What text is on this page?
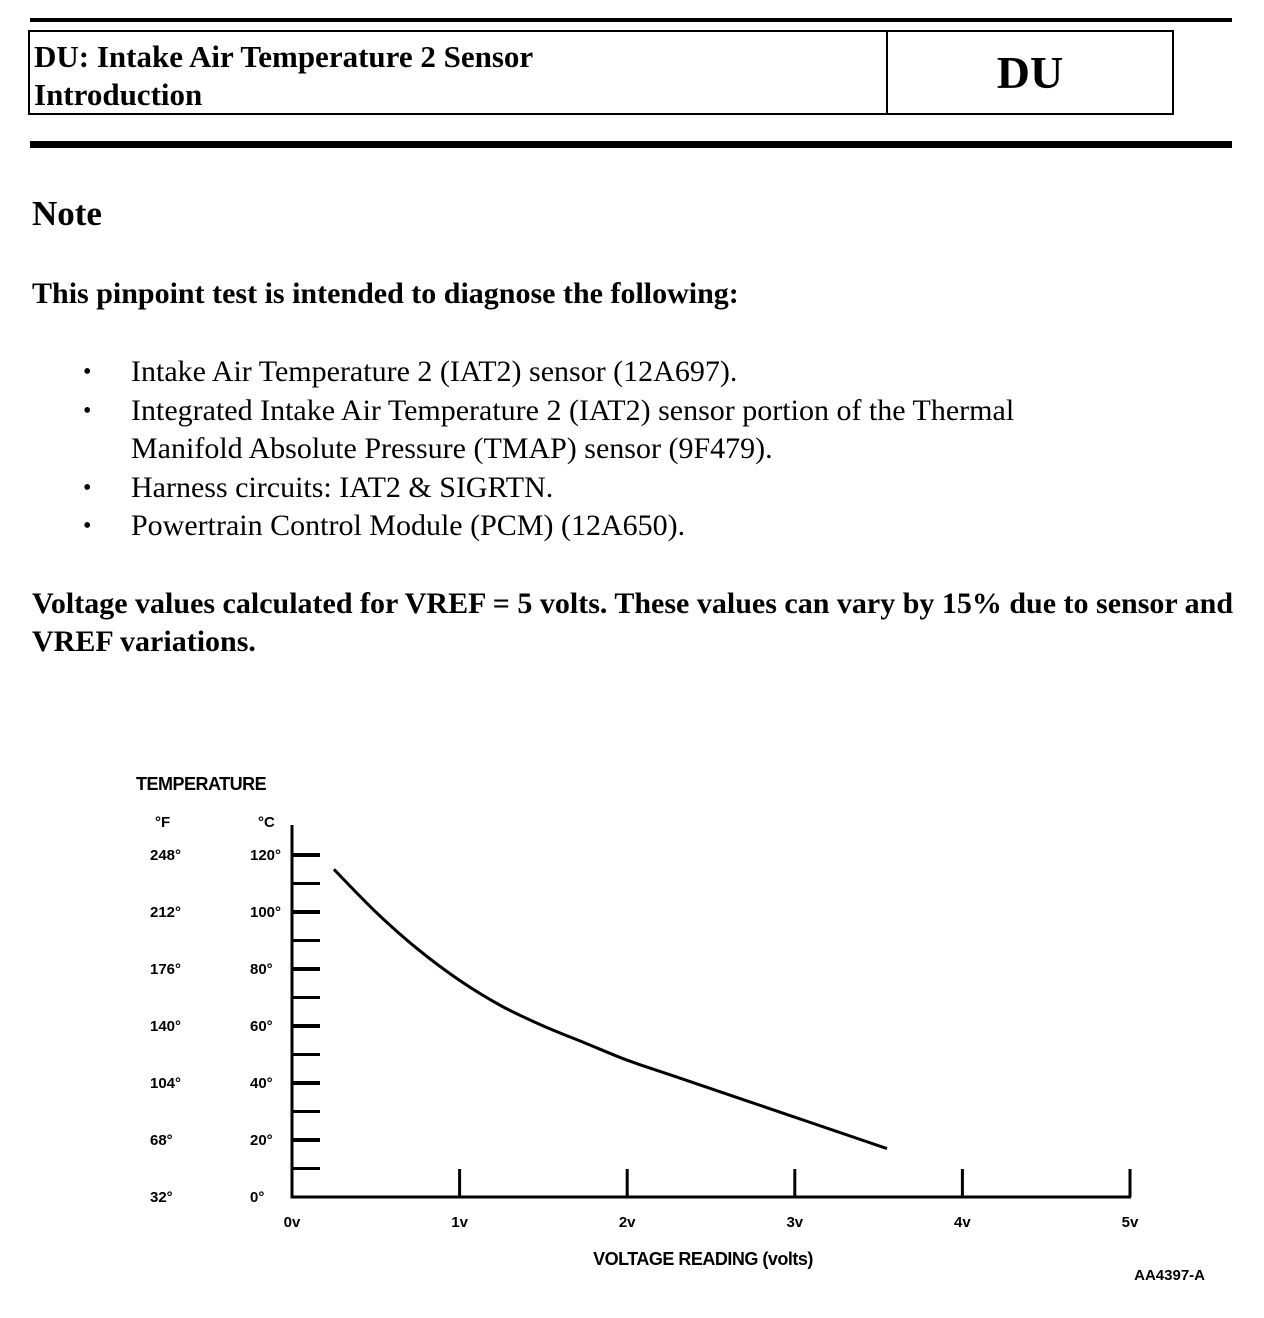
DU: Intake Air Temperature 2 Sensor
Introduction	DU
Note
This pinpoint test is intended to diagnose the following:
• Intake Air Temperature 2 (IAT2) sensor (12A697).
• Integrated Intake Air Temperature 2 (IAT2) sensor portion of the Thermal Manifold Absolute Pressure (TMAP) sensor (9F479).
• Harness circuits: IAT2 & SIGRTN.
• Powertrain Control Module (PCM) (12A650).
Voltage values calculated for VREF = 5 volts. These values can vary by 15% due to sensor and VREF variations.
TEMPERATURE
°F	°C
0°
32°
20°
68°
40°
104°
60°
140°
80°
176°
100°
212°
120°
248°
0v	1v	2v	3v	4v	5v
VOLTAGE READING (volts)
AA4397-A
